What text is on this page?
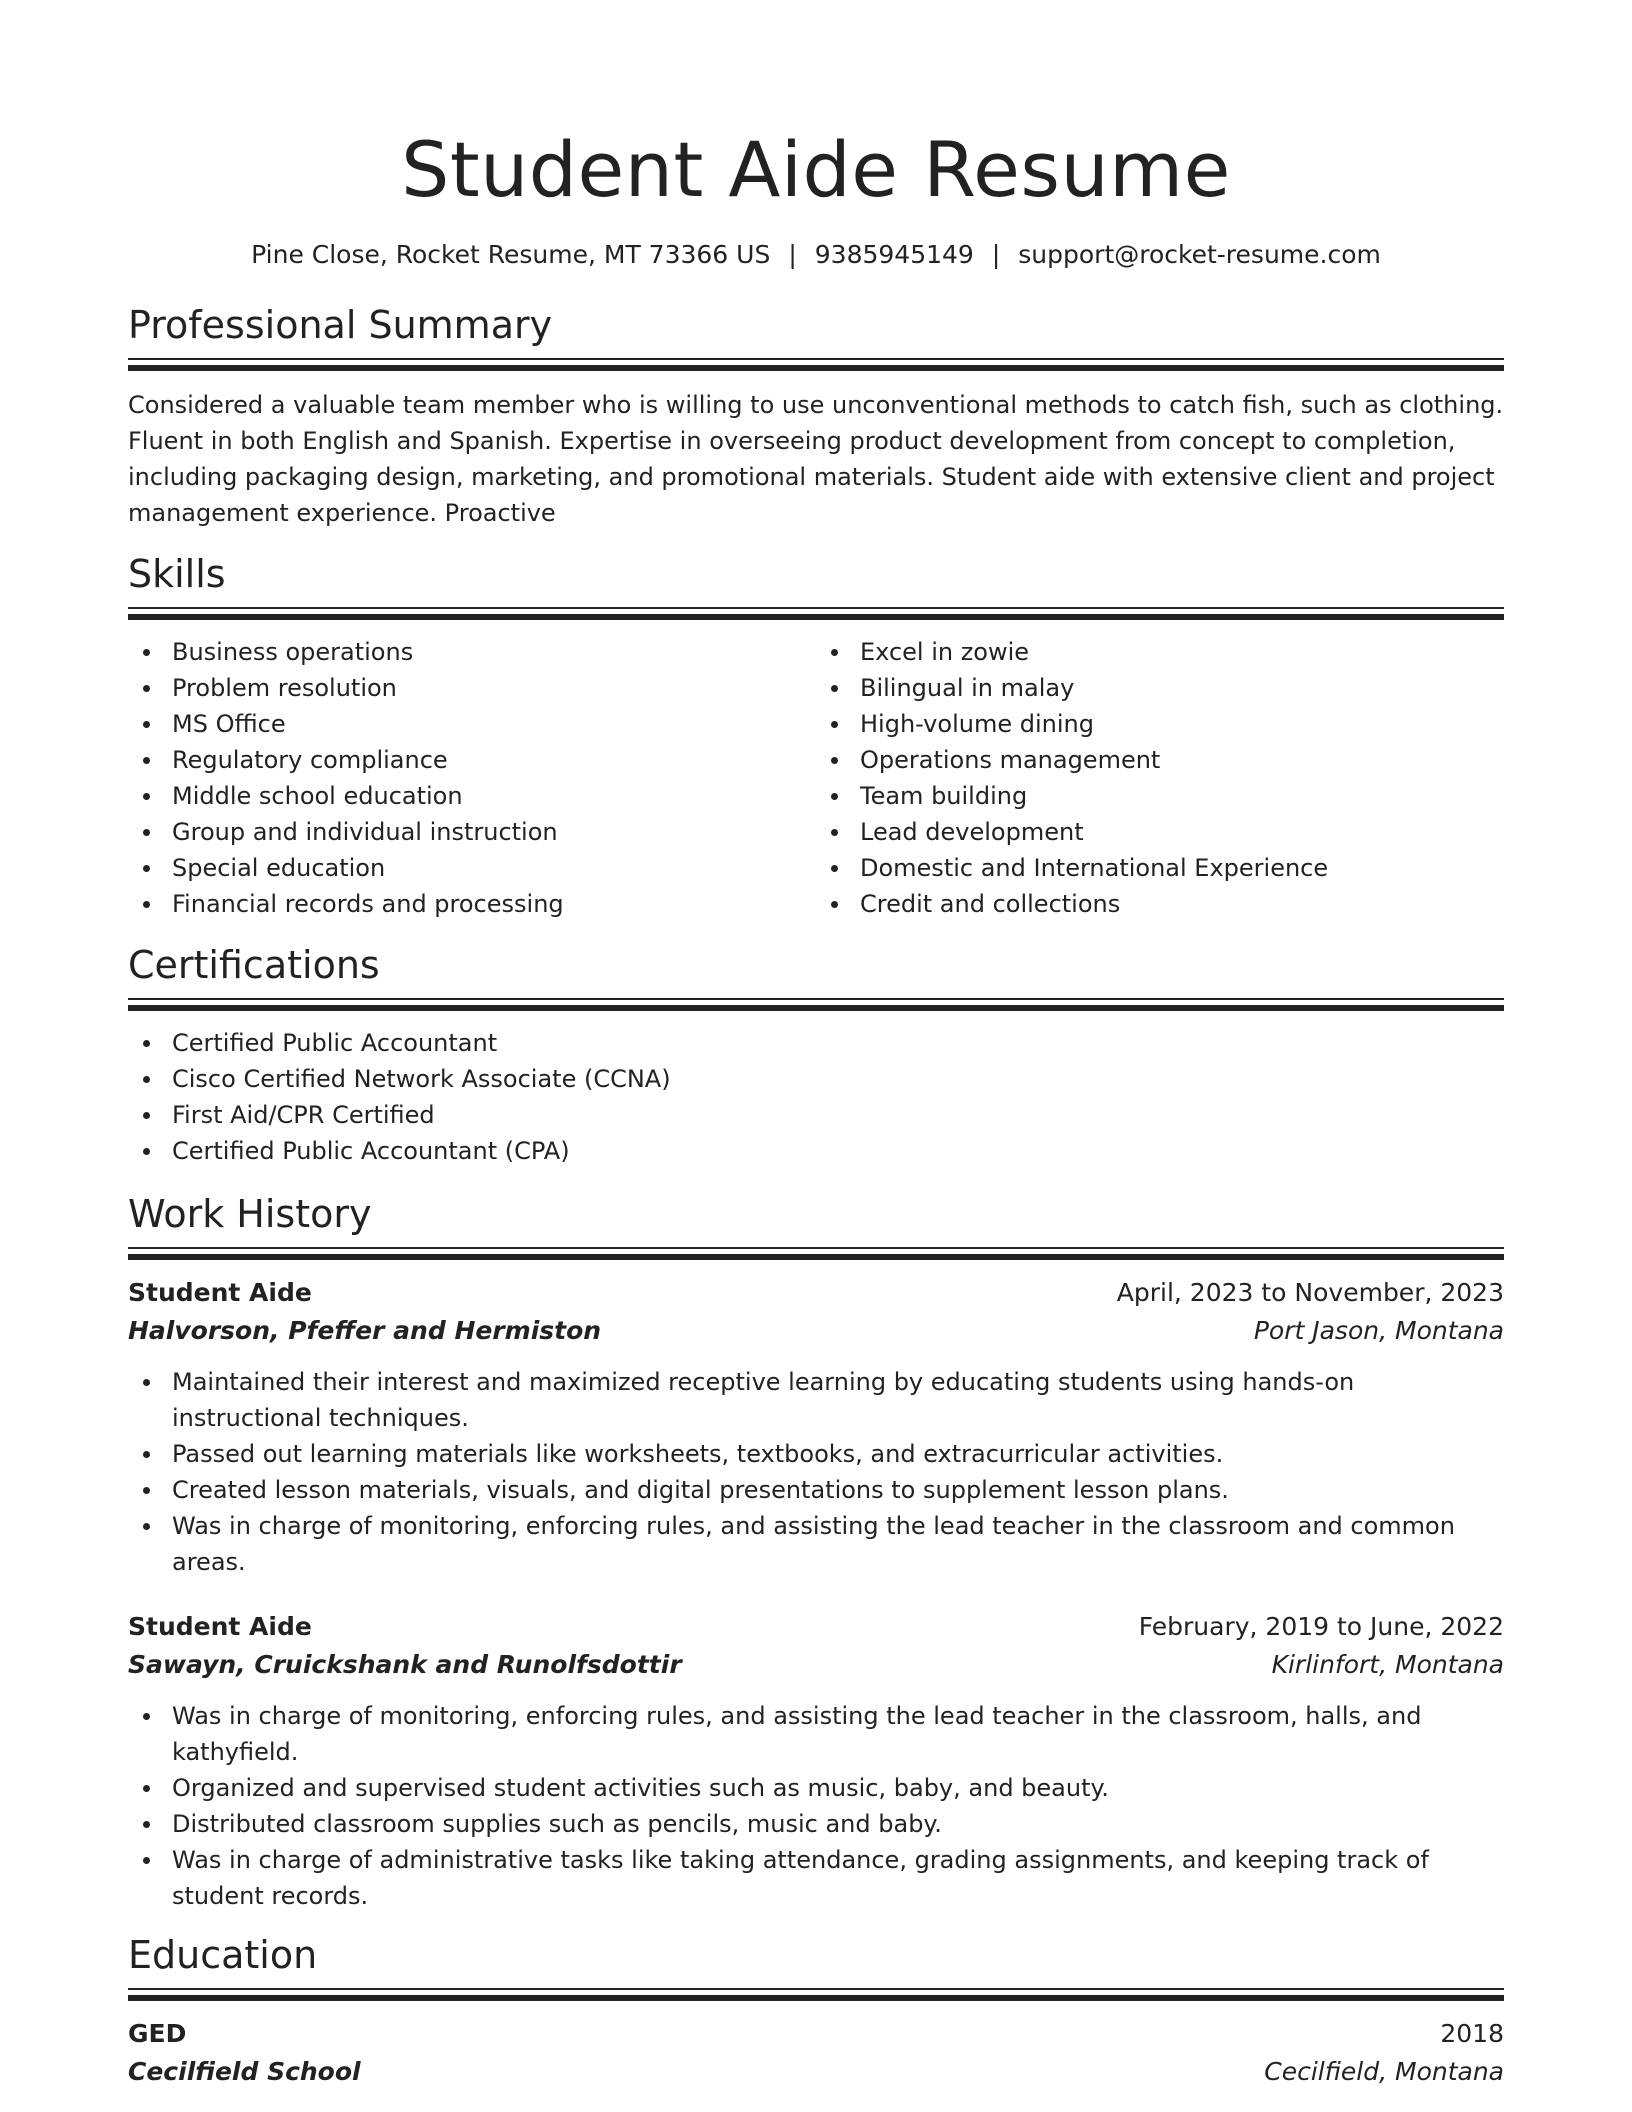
Student Aide Resume
Pine Close, Rocket Resume, MT 73366 US | 9385945149 | support@rocket-resume.com
Professional Summary
Considered a valuable team member who is willing to use unconventional methods to catch fish, such as clothing. Fluent in both English and Spanish. Expertise in overseeing product development from concept to completion, including packaging design, marketing, and promotional materials. Student aide with extensive client and project management experience. Proactive
Skills
Business operations
Problem resolution
MS Office
Regulatory compliance
Middle school education
Group and individual instruction
Special education
Financial records and processing
Excel in zowie
Bilingual in malay
High-volume dining
Operations management
Team building
Lead development
Domestic and International Experience
Credit and collections
Certifications
Certified Public Accountant
Cisco Certified Network Associate (CCNA)
First Aid/CPR Certified
Certified Public Accountant (CPA)
Work History
Student Aide	April, 2023 to November, 2023
Halvorson, Pfeffer and Hermiston	Port Jason, Montana
Maintained their interest and maximized receptive learning by educating students using hands-on instructional techniques.
Passed out learning materials like worksheets, textbooks, and extracurricular activities.
Created lesson materials, visuals, and digital presentations to supplement lesson plans.
Was in charge of monitoring, enforcing rules, and assisting the lead teacher in the classroom and common areas.
Student Aide	February, 2019 to June, 2022
Sawayn, Cruickshank and Runolfsdottir	Kirlinfort, Montana
Was in charge of monitoring, enforcing rules, and assisting the lead teacher in the classroom, halls, and kathyfield.
Organized and supervised student activities such as music, baby, and beauty.
Distributed classroom supplies such as pencils, music and baby.
Was in charge of administrative tasks like taking attendance, grading assignments, and keeping track of student records.
Education
GED	2018
Cecilfield School	Cecilfield, Montana
